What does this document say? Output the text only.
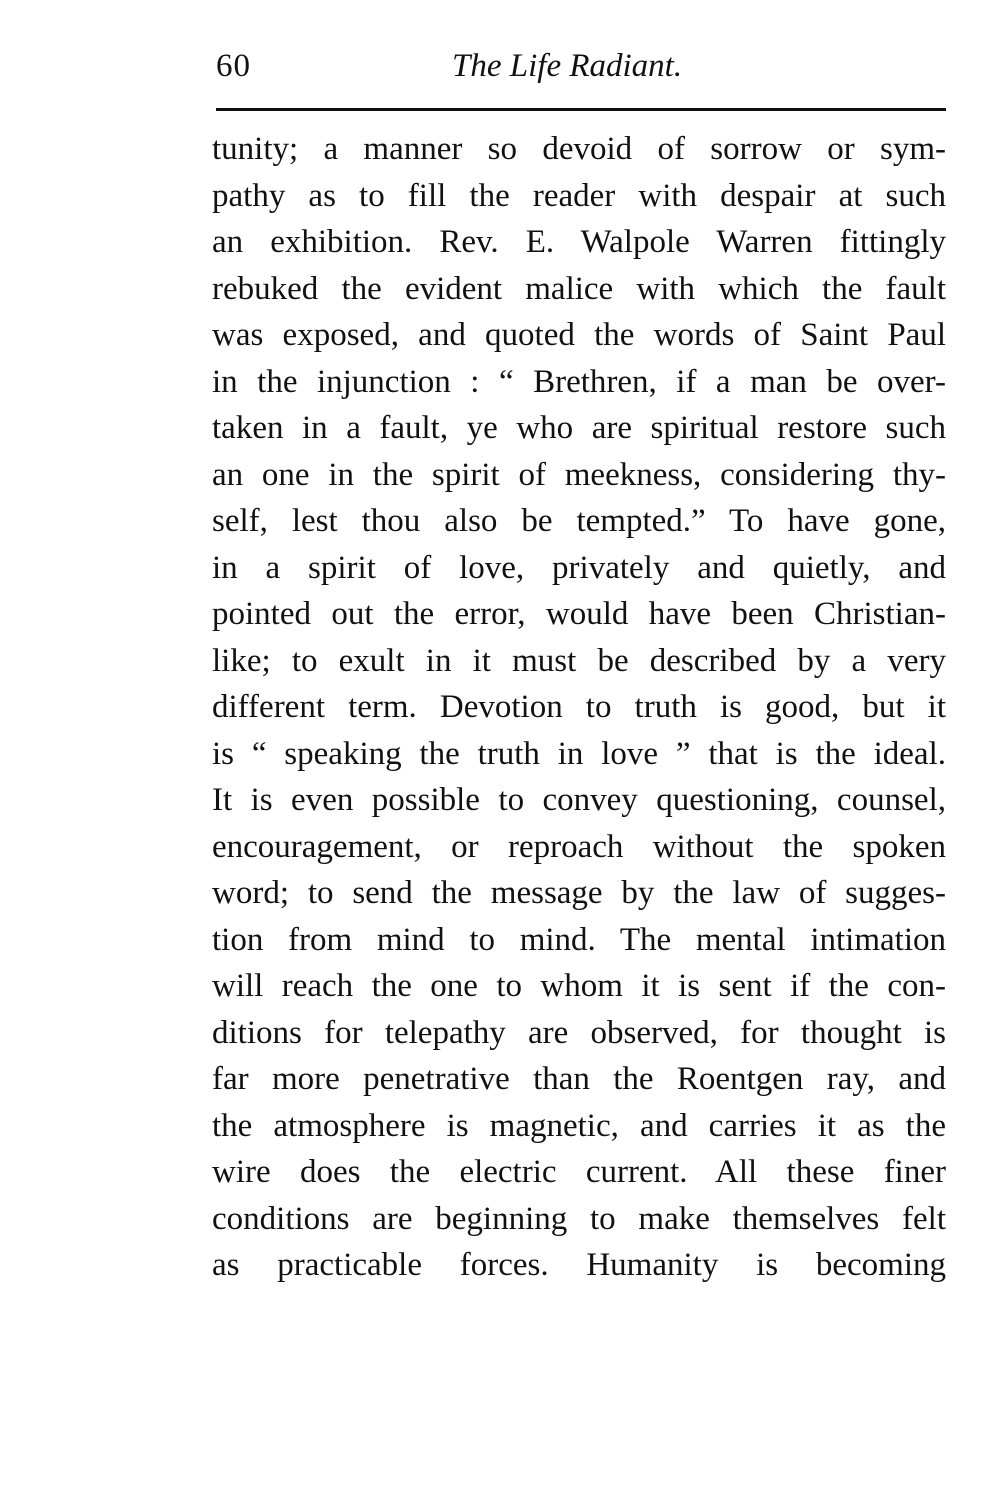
60	The Life Radiant.
tunity; a manner so devoid of sorrow or sym-
pathy as to fill the reader with despair at such
an exhibition. Rev. E. Walpole Warren fittingly
rebuked the evident malice with which the fault
was exposed, and quoted the words of Saint Paul
in the injunction : “ Brethren, if a man be over-
taken in a fault, ye who are spiritual restore such
an one in the spirit of meekness, considering thy-
self, lest thou also be tempted.” To have gone,
in a spirit of love, privately and quietly, and
pointed out the error, would have been Christian-
like; to exult in it must be described by a very
different term. Devotion to truth is good, but it
is “ speaking the truth in love ” that is the ideal.
It is even possible to convey questioning, counsel,
encouragement, or reproach without the spoken
word; to send the message by the law of sugges-
tion from mind to mind. The mental intimation
will reach the one to whom it is sent if the con-
ditions for telepathy are observed, for thought is
far more penetrative than the Roentgen ray, and
the atmosphere is magnetic, and carries it as the
wire does the electric current. All these finer
conditions are beginning to make themselves felt
as practicable forces. Humanity is becoming
